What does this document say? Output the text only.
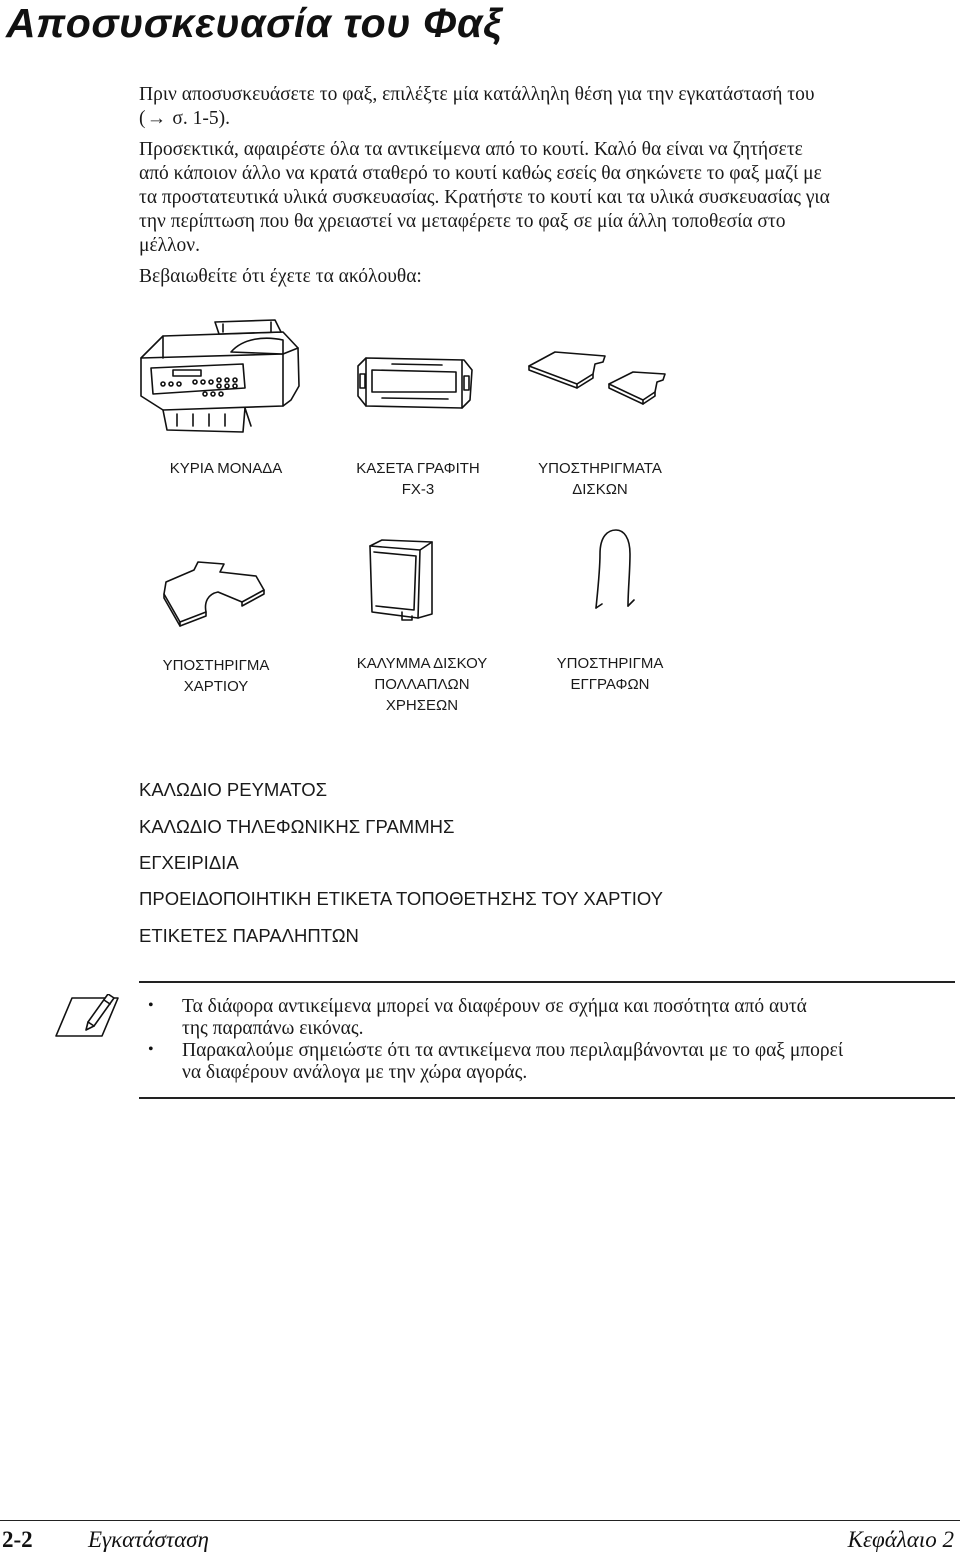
Αποσυσκευασία του Φαξ
Πριν αποσυσκευάσετε το φαξ, επιλέξτε μία κατάλληλη θέση για την εγκατάστασή του
(→ σ. 1-5).
Προσεκτικά, αφαιρέστε όλα τα αντικείμενα από το κουτί. Καλό θα είναι να ζητήσετε
από κάποιον άλλο να κρατά σταθερό το κουτί καθώς εσείς θα σηκώνετε το φαξ μαζί με
τα προστατευτικά υλικά συσκευασίας. Κρατήστε το κουτί και τα υλικά συσκευασίας για
την περίπτωση που θα χρειαστεί να μεταφέρετε το φαξ σε μία άλλη τοποθεσία στο
μέλλον.
Βεβαιωθείτε ότι έχετε τα ακόλουθα:
ΚΥΡΙΑ ΜΟΝΑΔΑ	ΚΑΣΕΤΑ ΓΡΑΦΙΤΗ
FX-3
ΥΠΟΣΤΗΡΙΓΜΑΤΑ
ΔΙΣΚΩΝ
ΥΠΟΣΤΗΡΙΓΜΑ
ΧΑΡΤΙΟΥ
ΚΑΛΥΜΜΑ ΔΙΣΚΟΥ
ΠΟΛΛΑΠΛΩΝ
ΧΡΗΣΕΩΝ
ΥΠΟΣΤΗΡΙΓΜΑ
ΕΓΓΡΑΦΩΝ
ΚΑΛΩΔΙΟ ΡΕΥΜΑΤΟΣ
ΚΑΛΩΔΙΟ ΤΗΛΕΦΩΝΙΚΗΣ ΓΡΑΜΜΗΣ
ΕΓΧΕΙΡΙΔΙΑ
ΠΡΟΕΙΔΟΠΟΙΗΤΙΚΗ ΕΤΙΚΕΤΑ ΤΟΠΟΘΕΤΗΣΗΣ ΤΟΥ ΧΑΡΤΙΟΥ
ΕΤΙΚΕΤΕΣ ΠΑΡΑΛΗΠΤΩΝ
• Τα διάφορα αντικείμενα μπορεί να διαφέρουν σε σχήμα και ποσότητα από αυτά
της παραπάνω εικόνας.
• Παρακαλούμε σημειώστε ότι τα αντικείμενα που περιλαμβάνονται με το φαξ μπορεί
να διαφέρουν ανάλογα με την χώρα αγοράς.
2-2 Εγκατάσταση	Κεφάλαιο 2
